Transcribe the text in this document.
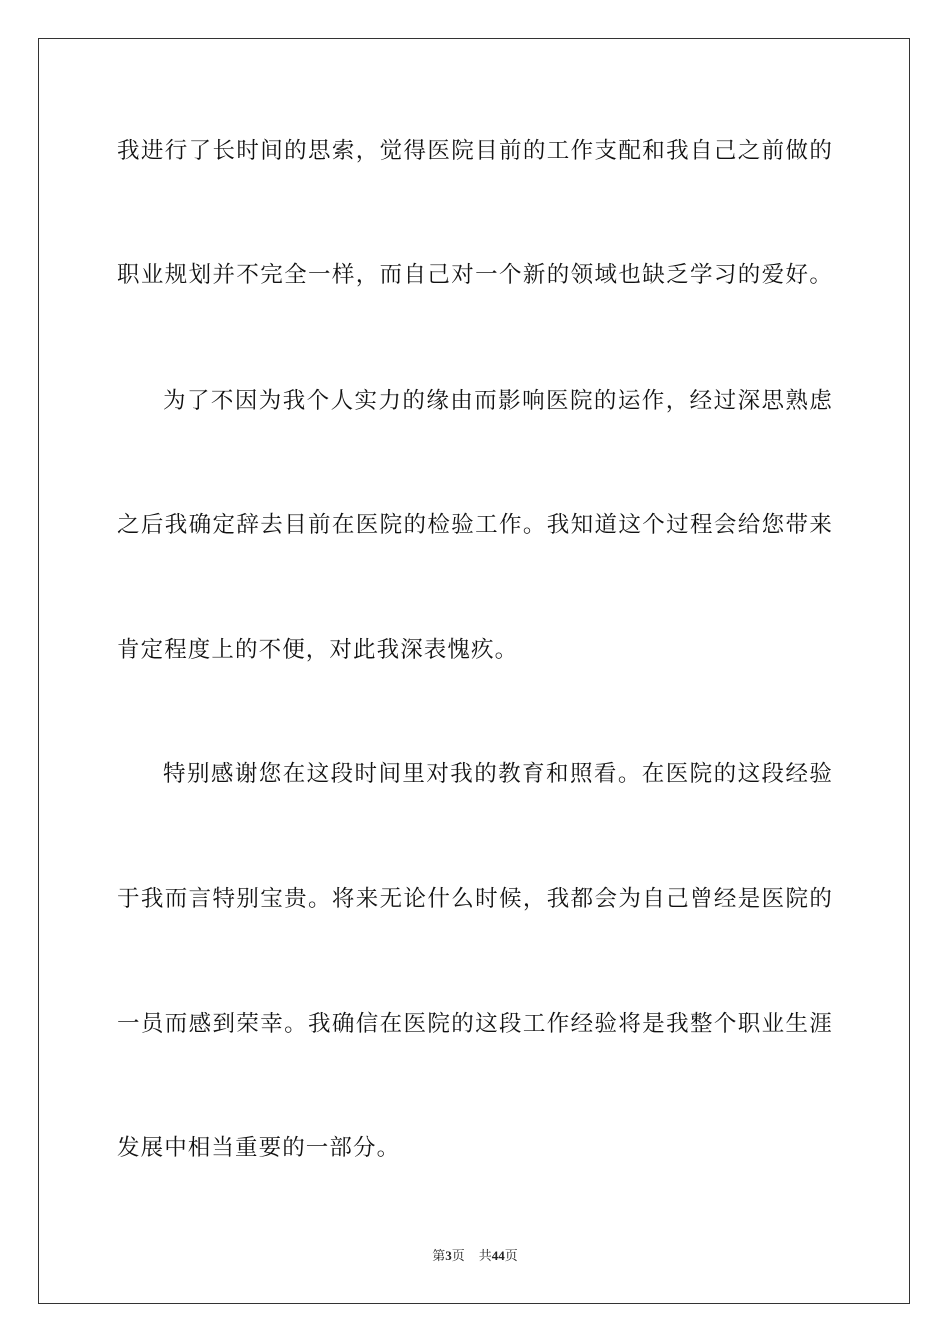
我进行了长时间的思索，觉得医院目前的工作支配和我自己之前做的
职业规划并不完全一样，而自己对一个新的领域也缺乏学习的爱好。
为了不因为我个人实力的缘由而影响医院的运作，经过深思熟虑
之后我确定辞去目前在医院的检验工作。我知道这个过程会给您带来
肯定程度上的不便，对此我深表愧疚。
特别感谢您在这段时间里对我的教育和照看。在医院的这段经验
于我而言特别宝贵。将来无论什么时候，我都会为自己曾经是医院的
一员而感到荣幸。我确信在医院的这段工作经验将是我整个职业生涯
发展中相当重要的一部分。
第3页 共44页
